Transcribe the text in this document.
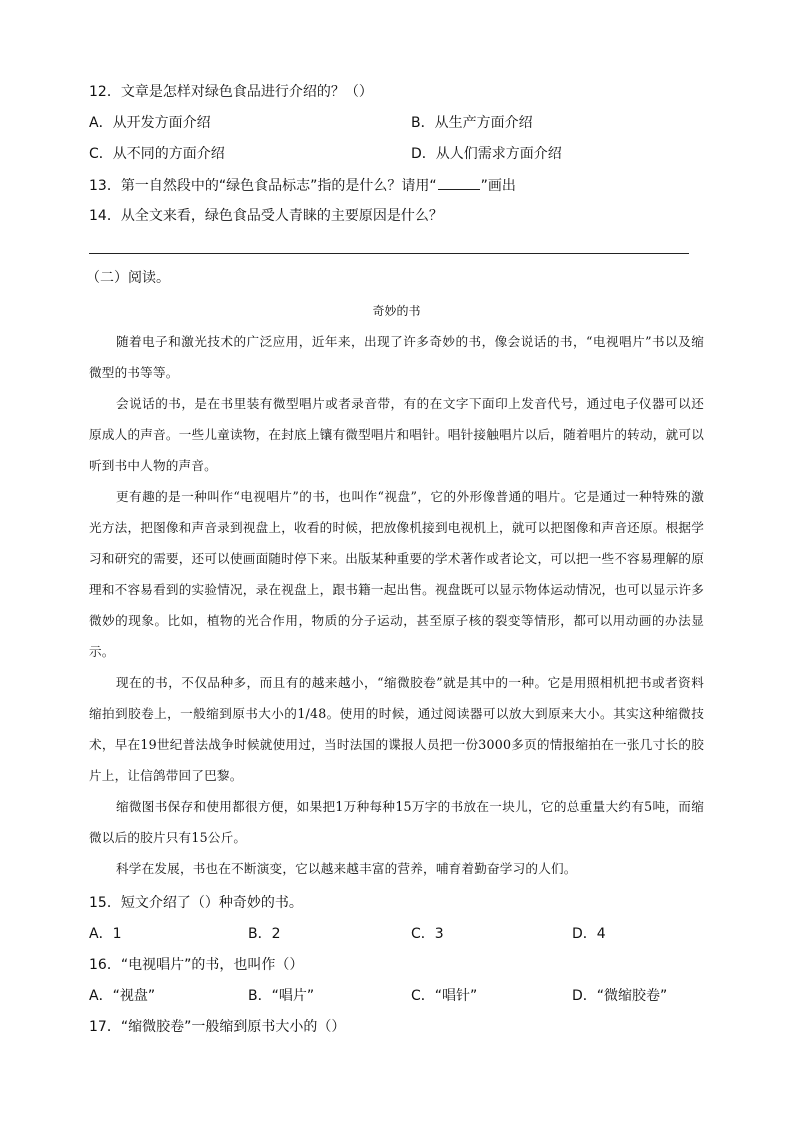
12．文章是怎样对绿色食品进行介绍的？（）
A．从开发方面介绍	B．从生产方面介绍
C．从不同的方面介绍	D．从人们需求方面介绍
13．第一自然段中的“绿色食品标志”指的是什么？请用“	”画出
14．从全文来看，绿色食品受人青睐的主要原因是什么？
（二）阅读。
奇妙的书
随着电子和激光技术的广泛应用，近年来，出现了许多奇妙的书，像会说话的书，“电视唱片”书以及缩微型的书等等。
会说话的书，是在书里装有微型唱片或者录音带，有的在文字下面印上发音代号，通过电子仪器可以还原成人的声音。一些儿童读物，在封底上镶有微型唱片和唱针。唱针接触唱片以后，随着唱片的转动，就可以听到书中人物的声音。
更有趣的是一种叫作“电视唱片”的书，也叫作“视盘”，它的外形像普通的唱片。它是通过一种特殊的激光方法，把图像和声音录到视盘上，收看的时候，把放像机接到电视机上，就可以把图像和声音还原。根据学习和研究的需要，还可以使画面随时停下来。出版某种重要的学术著作或者论文，可以把一些不容易理解的原理和不容易看到的实验情况，录在视盘上，跟书籍一起出售。视盘既可以显示物体运动情况，也可以显示许多微妙的现象。比如，植物的光合作用，物质的分子运动，甚至原子核的裂变等情形，都可以用动画的办法显示。
现在的书，不仅品种多，而且有的越来越小，“缩微胶卷”就是其中的一种。它是用照相机把书或者资料缩拍到胶卷上，一般缩到原书大小的1/48。使用的时候，通过阅读器可以放大到原来大小。其实这种缩微技术，早在19世纪普法战争时候就使用过，当时法国的谍报人员把一份3000多页的情报缩拍在一张几寸长的胶片上，让信鸽带回了巴黎。
缩微图书保存和使用都很方便，如果把1万种每种15万字的书放在一块儿，它的总重量大约有5吨，而缩微以后的胶片只有15公斤。
科学在发展，书也在不断演变，它以越来越丰富的营养，哺育着勤奋学习的人们。
15．短文介绍了（）种奇妙的书。
A．1	B．2	C．3	D．4
16．“电视唱片”的书，也叫作（）
A．“视盘”	B．“唱片”	C．“唱针”	D．“微缩胶卷”
17．“缩微胶卷”一般缩到原书大小的（）
